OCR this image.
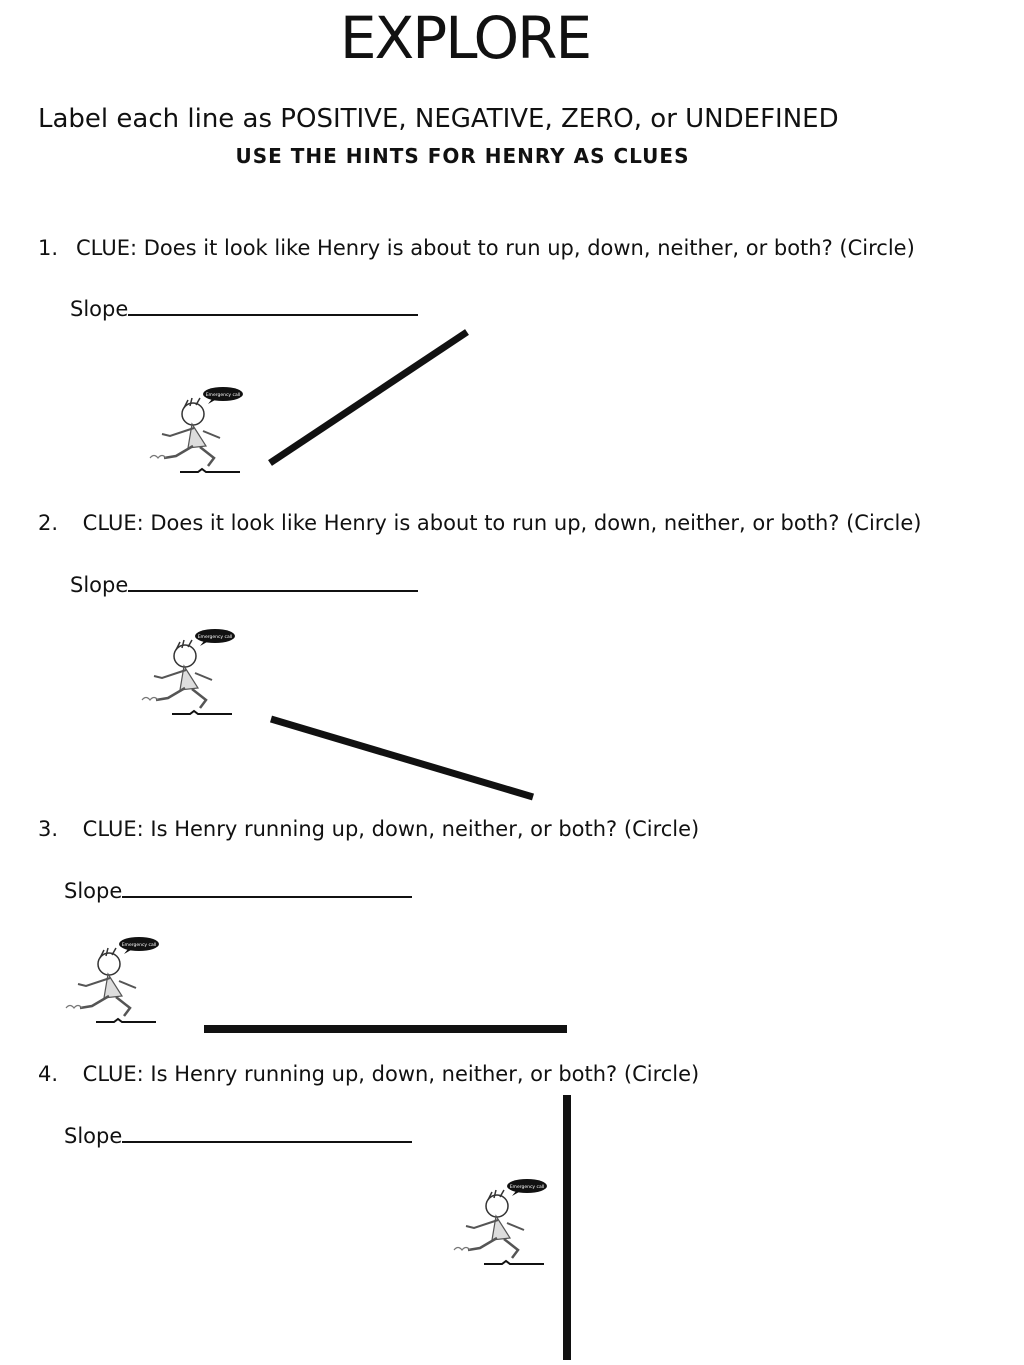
EXPLORE
Label each line as POSITIVE, NEGATIVE, ZERO, or UNDEFINED
USE THE HINTS FOR HENRY AS CLUES
1. CLUE: Does it look like Henry is about to run up, down, neither, or both? (Circle)
Slope
2. CLUE: Does it look like Henry is about to run up, down, neither, or both? (Circle)
Slope
3. CLUE: Is Henry running up, down, neither, or both? (Circle)
Slope
4. CLUE: Is Henry running up, down, neither, or both? (Circle)
Slope
Emergency call
Emergency call
Emergency call
Emergency call
